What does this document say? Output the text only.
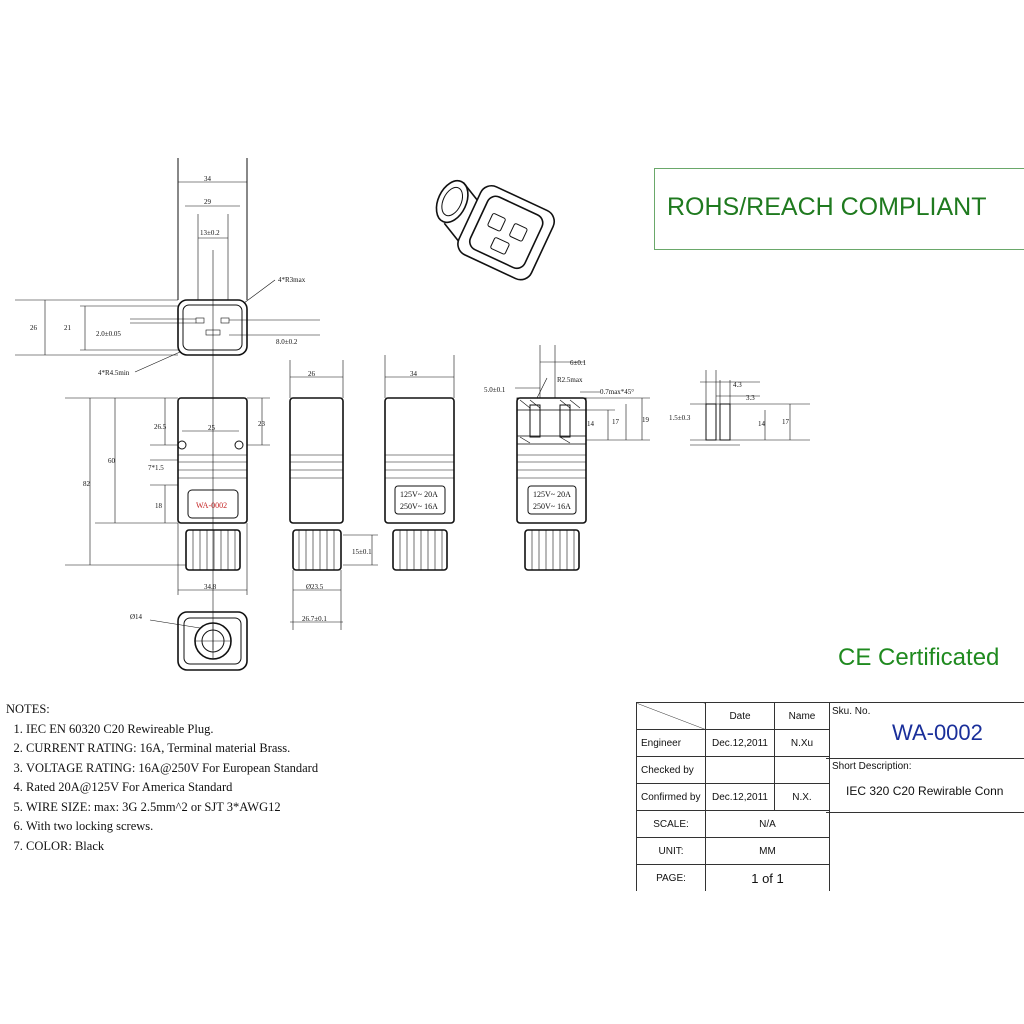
34
29
13±0.2
4*R3max
26	21
2.0±0.05
8.0±0.2
4*R4.5min
WA-0002
82
60
26.5
7*1.5
18
25	23
34.8
Ø14
26
15±0.1
Ø23.5
26.7±0.1
34
125V~ 20A
250V~ 16A
125V~ 20A
250V~ 16A
6±0.1
5.0±0.1
R2.5max
0.7max*45°
14	17	19
4.3
3.3
1.5±0.3
14 17
ROHS/REACH COMPLIANT
CE Certificated
NOTES:
1. IEC EN 60320 C20 Rewireable Plug.
2. CURRENT RATING: 16A, Terminal material Brass.
3. VOLTAGE RATING: 16A@250V For European Standard
4. Rated 20A@125V For America Standard
5. WIRE SIZE: max: 3G 2.5mm^2 or SJT 3*AWG12
6. With two locking screws.
7. COLOR: Black
	Date	Name
Engineer	Dec.12,2011	N.Xu
Checked by		
Confirmed by	Dec.12,2011	N.X.
SCALE:	N/A	
UNIT:	MM	
PAGE:	1 of 1	
Sku. No.
WA-0002
Short Description:
IEC 320 C20 Rewirable Conn
